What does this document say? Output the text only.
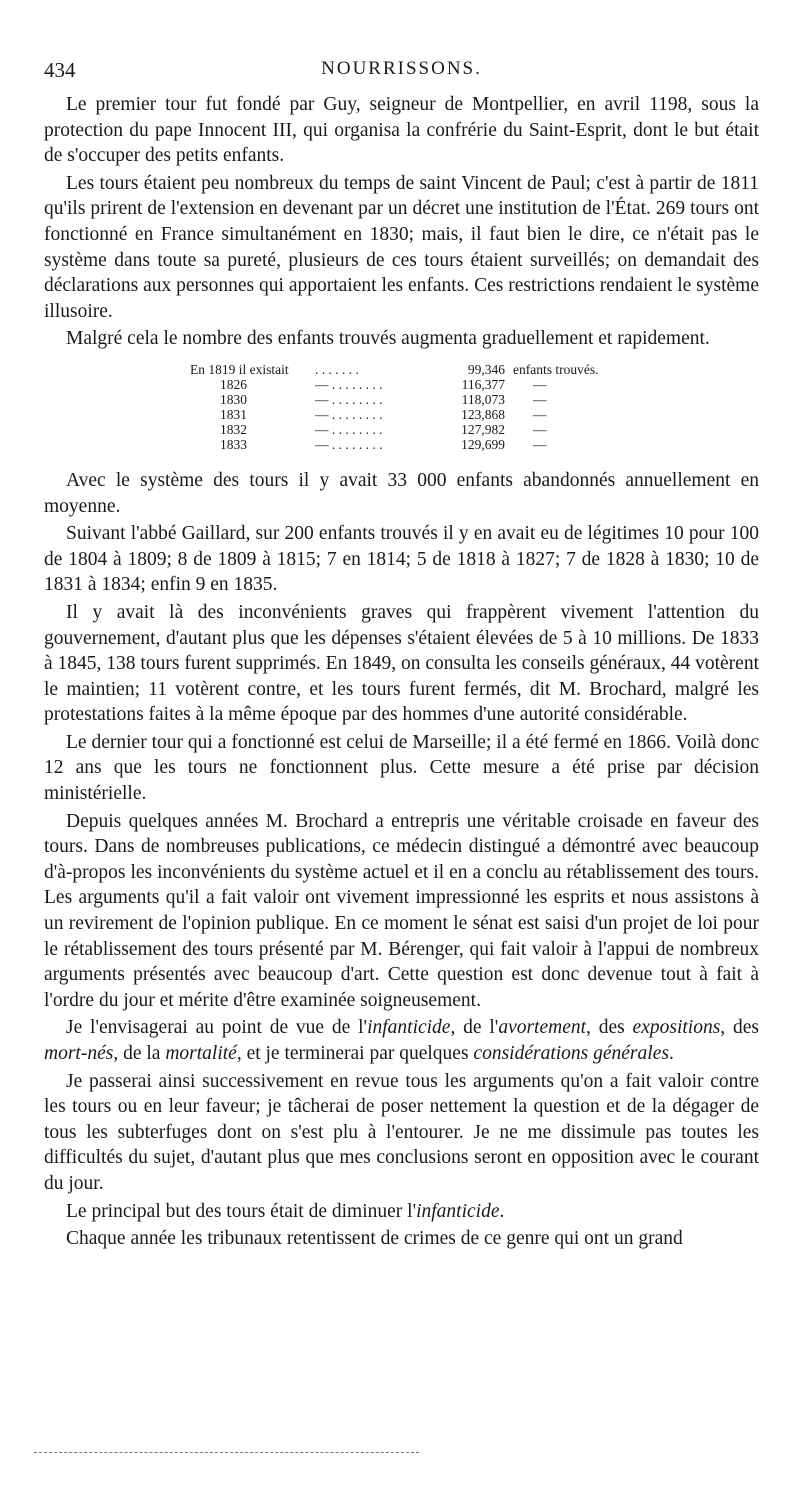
434	NOURRISSONS.

Le premier tour fut fondé par Guy, seigneur de Montpellier, en avril 1198, sous la protection du pape Innocent III, qui organisa la confrérie du Saint-Esprit, dont le but était de s'occuper des petits enfants.

Les tours étaient peu nombreux du temps de saint Vincent de Paul; c'est à partir de 1811 qu'ils prirent de l'extension en devenant par un décret une institution de l'État. 269 tours ont fonctionné en France simultanément en 1830; mais, il faut bien le dire, ce n'était pas le système dans toute sa pureté, plusieurs de ces tours étaient surveillés; on demandait des déclarations aux personnes qui apportaient les enfants. Ces restrictions rendaient le système illusoire.

Malgré cela le nombre des enfants trouvés augmenta graduellement et rapidement.

En 1819 il existait	. . . . . . .	99,346 enfants trouvés.
1826	— . . . . . . . .	116,377	—
1830	— . . . . . . . .	118,073	—
1831	— . . . . . . . .	123,868	—
1832	— . . . . . . . .	127,982	—
1833	— . . . . . . . .	129,699	—

Avec le système des tours il y avait 33 000 enfants abandonnés annuellement en moyenne.

Suivant l'abbé Gaillard, sur 200 enfants trouvés il y en avait eu de légitimes 10 pour 100 de 1804 à 1809; 8 de 1809 à 1815; 7 en 1814; 5 de 1818 à 1827; 7 de 1828 à 1830; 10 de 1831 à 1834; enfin 9 en 1835.

Il y avait là des inconvénients graves qui frappèrent vivement l'attention du gouvernement, d'autant plus que les dépenses s'étaient élevées de 5 à 10 millions. De 1833 à 1845, 138 tours furent supprimés. En 1849, on consulta les conseils généraux, 44 votèrent le maintien; 11 votèrent contre, et les tours furent fermés, dit M. Brochard, malgré les protestations faites à la même époque par des hommes d'une autorité considérable.

Le dernier tour qui a fonctionné est celui de Marseille; il a été fermé en 1866. Voilà donc 12 ans que les tours ne fonctionnent plus. Cette mesure a été prise par décision ministérielle.

Depuis quelques années M. Brochard a entrepris une véritable croisade en faveur des tours. Dans de nombreuses publications, ce médecin distingué a démontré avec beaucoup d'à-propos les inconvénients du système actuel et il en a conclu au rétablissement des tours. Les arguments qu'il a fait valoir ont vivement impressionné les esprits et nous assistons à un revirement de l'opinion publique. En ce moment le sénat est saisi d'un projet de loi pour le rétablissement des tours présenté par M. Bérenger, qui fait valoir à l'appui de nombreux arguments présentés avec beaucoup d'art. Cette question est donc devenue tout à fait à l'ordre du jour et mérite d'être examinée soigneusement.

Je l'envisagerai au point de vue de l'infanticide, de l'avortement, des expositions, des mort-nés, de la mortalité, et je terminerai par quelques considérations générales.

Je passerai ainsi successivement en revue tous les arguments qu'on a fait valoir contre les tours ou en leur faveur; je tâcherai de poser nettement la question et de la dégager de tous les subterfuges dont on s'est plu à l'entourer. Je ne me dissimule pas toutes les difficultés du sujet, d'autant plus que mes conclusions seront en opposition avec le courant du jour.

Le principal but des tours était de diminuer l'infanticide.

Chaque année les tribunaux retentissent de crimes de ce genre qui ont un grand
